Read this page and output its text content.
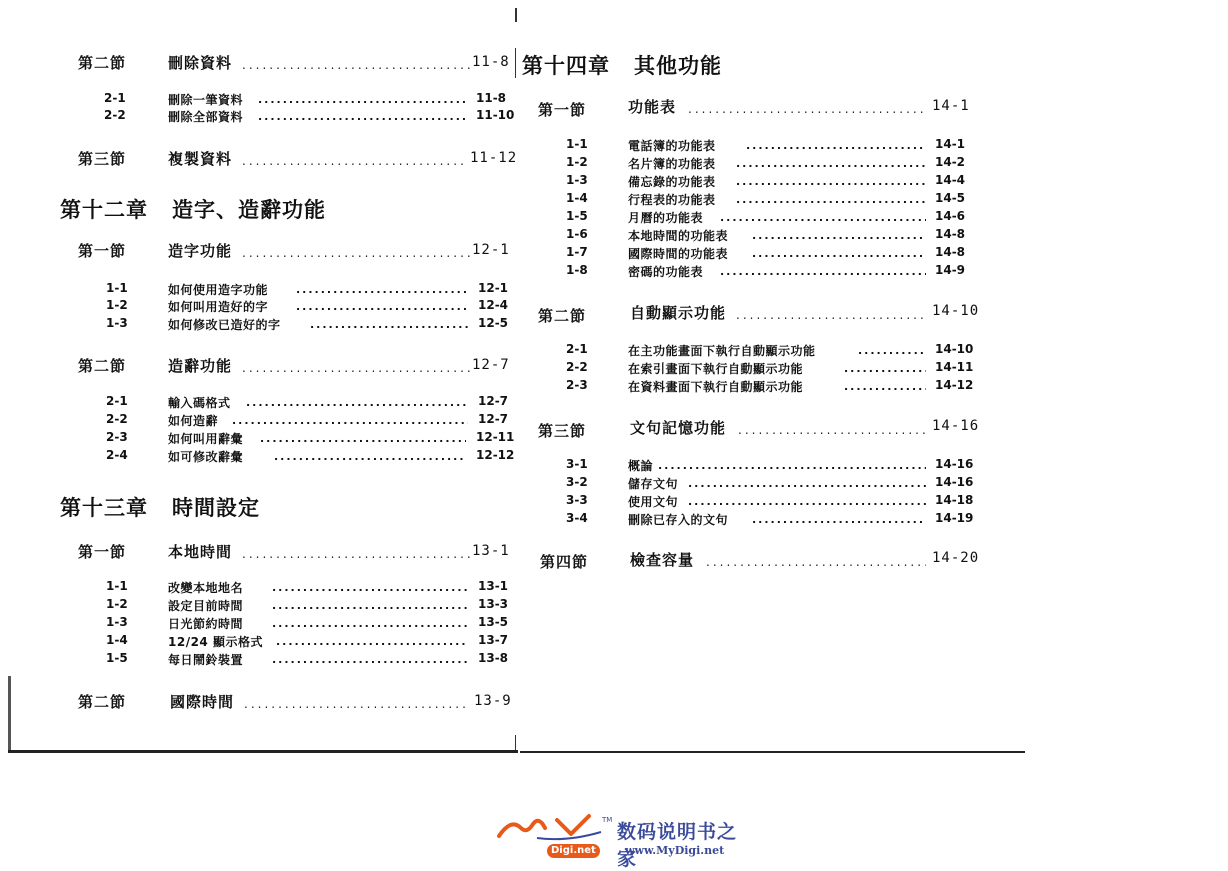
第二節	刪除資料 .....	11-8
2-1	刪除一筆資料 .....	11-8
2-2	刪除全部資料 .....	11-10
第三節	複製資料 .....	11-12
第十二章 造字、造辭功能
第一節	造字功能 .....	12-1
1-1	如何使用造字功能 .....	12-1
1-2	如何叫用造好的字 .....	12-4
1-3	如何修改已造好的字 .....	12-5
第二節	造辭功能 .....	12-7
2-1	輸入碼格式 .....	12-7
2-2	如何造辭 .....	12-7
2-3	如何叫用辭彙 .....	12-11
2-4	如可修改辭彙 .....	12-12
第十三章 時間設定
第一節	本地時間 .....	13-1
1-1	改變本地地名 .....	13-1
1-2	設定目前時間 .....	13-3
1-3	日光節約時間 .....	13-5
1-4	12/24 顯示格式 .....	13-7
1-5	每日鬧鈴裝置 .....	13-8
第二節	國際時間 .....	13-9
第十四章 其他功能
第一節	功能表 .....	14-1
1-1	電話簿的功能表 .....	14-1
1-2	名片簿的功能表 .....	14-2
1-3	備忘錄的功能表 .....	14-4
1-4	行程表的功能表 .....	14-5
1-5	月曆的功能表 .....	14-6
1-6	本地時間的功能表 .....	14-8
1-7	國際時間的功能表 .....	14-8
1-8	密碼的功能表 .....	14-9
第二節	自動顯示功能 .....	14-10
2-1	在主功能畫面下執行自動顯示功能 .....	14-10
2-2	在索引畫面下執行自動顯示功能 .....	14-11
2-3	在資料畫面下執行自動顯示功能 .....	14-12
第三節	文句記憶功能 .....	14-16
3-1	概論 .....	14-16
3-2	儲存文句 .....	14-16
3-3	使用文句 .....	14-18
3-4	刪除已存入的文句 .....	14-19
第四節	檢查容量 .....	14-20
MY	TM
Digi.net
数码说明书之家
www.MyDigi.net
